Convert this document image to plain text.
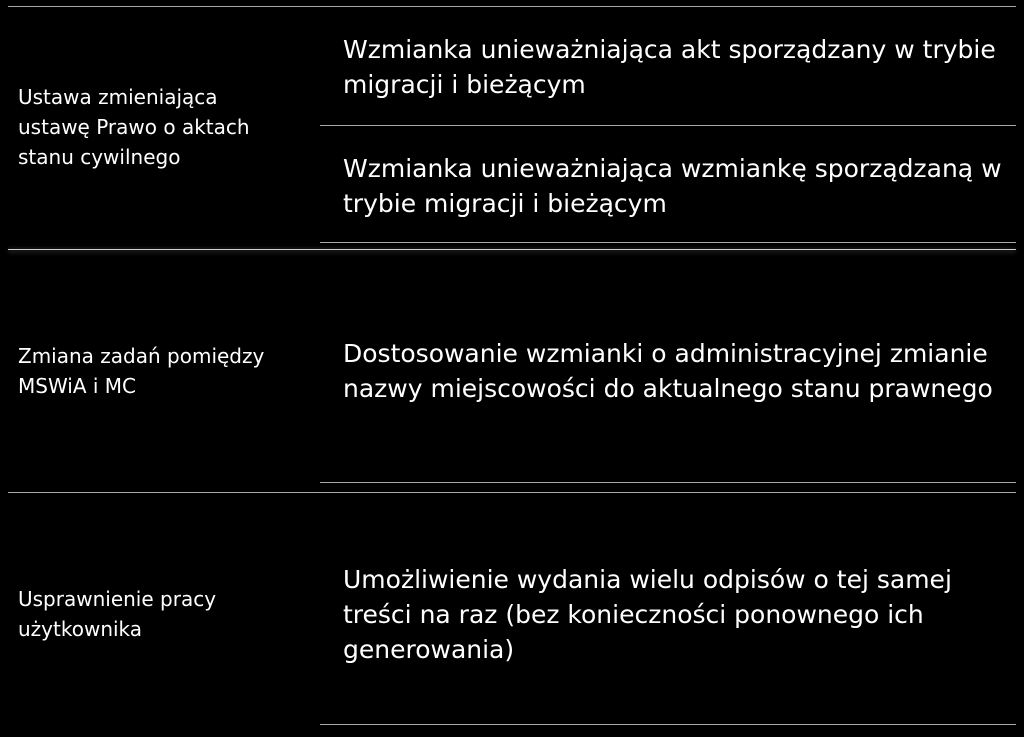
Ustawa zmieniająca
ustawę Prawo o aktach
stanu cywilnego
Wzmianka unieważniająca akt sporządzany w trybie
migracji i bieżącym
Wzmianka unieważniająca wzmiankę sporządzaną w
trybie migracji i bieżącym
Zmiana zadań pomiędzy
MSWiA i MC
Dostosowanie wzmianki o administracyjnej zmianie
nazwy miejscowości do aktualnego stanu prawnego
Usprawnienie pracy
użytkownika
Umożliwienie wydania wielu odpisów o tej samej
treści na raz (bez konieczności ponownego ich
generowania)
